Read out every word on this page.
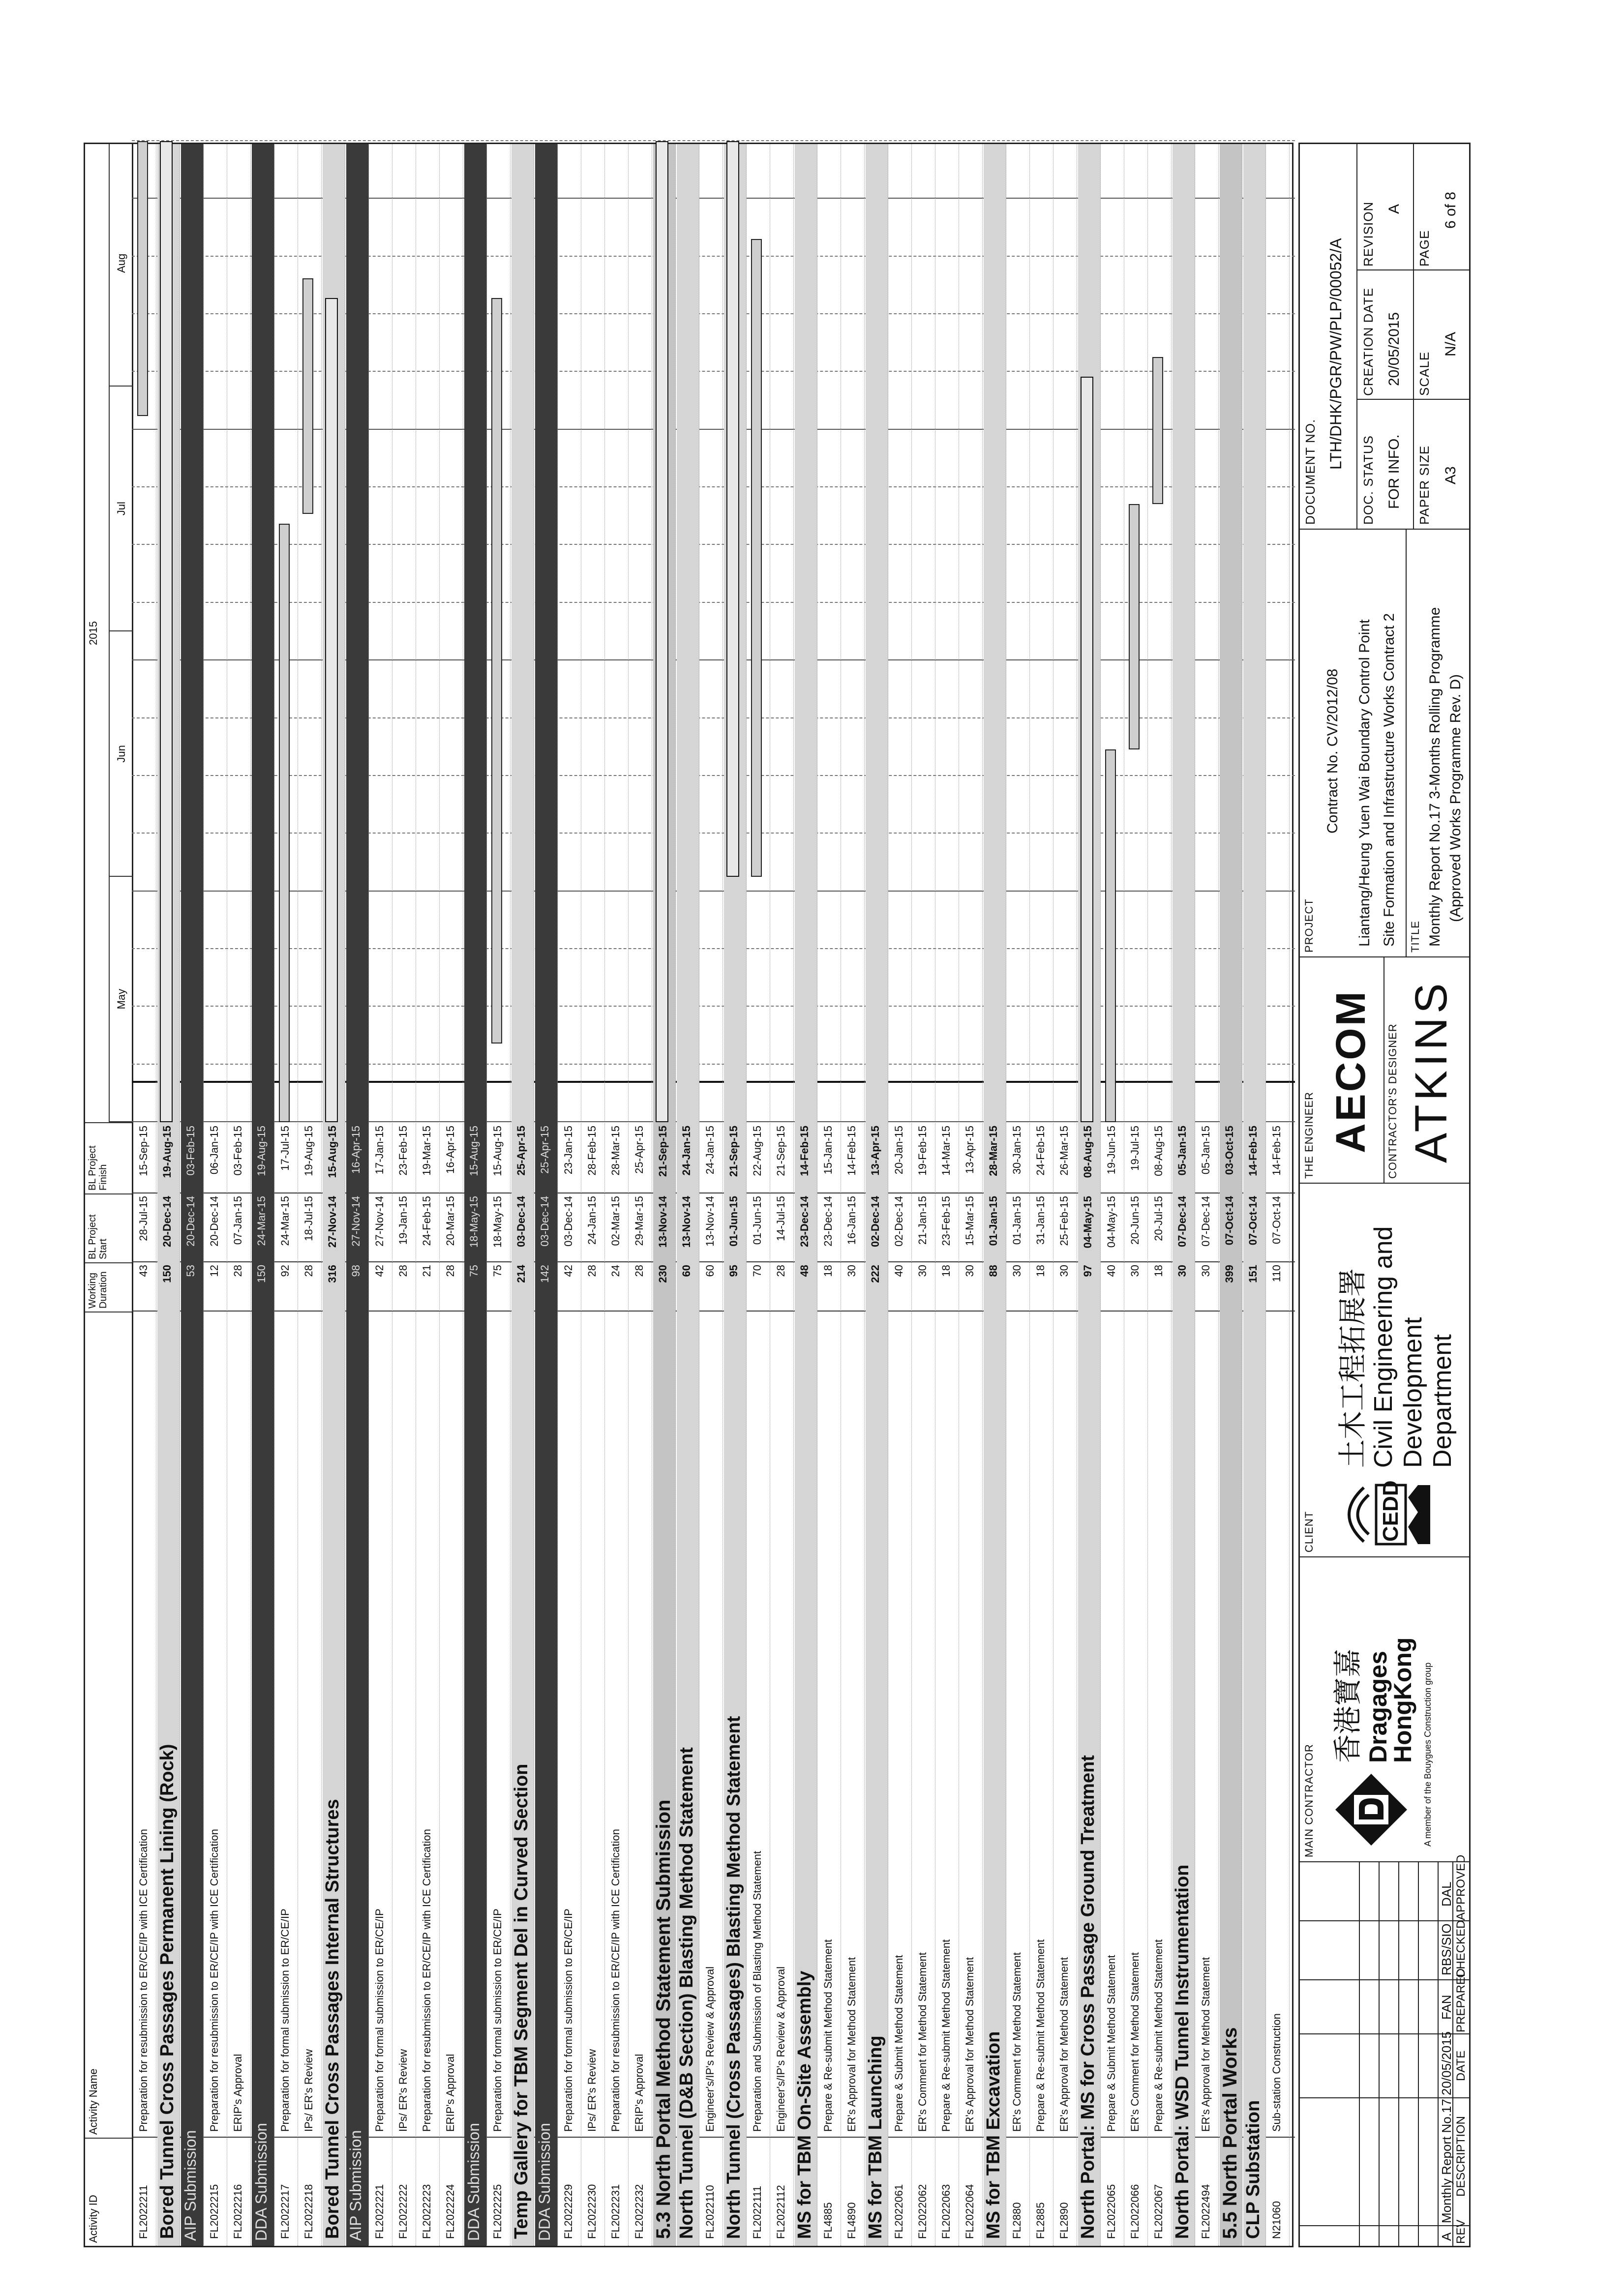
Activity ID
Activity Name
Working Duration
BL Project Start
BL Project Finish
2015
May
Jun
Jul
Aug
FL2022211
Preparation for resubmission to ER/CE/IP with ICE Certification
43
28-Jul-15
15-Sep-15
Bored Tunnel Cross Passages Permanent Lining (Rock)
150
20-Dec-14
19-Aug-15
AIP Submission
53
20-Dec-14
03-Feb-15
FL2022215
Preparation for resubmission to ER/CE/IP with ICE Certification
12
20-Dec-14
06-Jan-15
FL2022216
ERIP's Approval
28
07-Jan-15
03-Feb-15
DDA Submission
150
24-Mar-15
19-Aug-15
FL2022217
Preparation for formal submission to ER/CE/IP
92
24-Mar-15
17-Jul-15
FL2022218
IPs/ ER's Review
28
18-Jul-15
19-Aug-15
Bored Tunnel Cross Passages Internal Structures
316
27-Nov-14
15-Aug-15
AIP Submission
98
27-Nov-14
16-Apr-15
FL2022221
Preparation for formal submission to ER/CE/IP
42
27-Nov-14
17-Jan-15
FL2022222
IPs/ ER's Review
28
19-Jan-15
23-Feb-15
FL2022223
Preparation for resubmission to ER/CE/IP with ICE Certification
21
24-Feb-15
19-Mar-15
FL2022224
ERIP's Approval
28
20-Mar-15
16-Apr-15
DDA Submission
75
18-May-15
15-Aug-15
FL2022225
Preparation for formal submission to ER/CE/IP
75
18-May-15
15-Aug-15
Temp Gallery for TBM Segment Del in Curved Section
214
03-Dec-14
25-Apr-15
DDA Submission
142
03-Dec-14
25-Apr-15
FL2022229
Preparation for formal submission to ER/CE/IP
42
03-Dec-14
23-Jan-15
FL2022230
IPs/ ER's Review
28
24-Jan-15
28-Feb-15
FL2022231
Preparation for resubmission to ER/CE/IP with ICE Certification
24
02-Mar-15
28-Mar-15
FL2022232
ERIP's Approval
28
29-Mar-15
25-Apr-15
5.3 North Portal Method Statement Submission
230
13-Nov-14
21-Sep-15
North Tunnel (D&B Section) Blasting Method Statement
60
13-Nov-14
24-Jan-15
FL2022110
Engineer's/IP's Review & Approval
60
13-Nov-14
24-Jan-15
North Tunnel (Cross Passages) Blasting Method Statement
95
01-Jun-15
21-Sep-15
FL2022111
Preparation and Submission of Blasting Method Statement
70
01-Jun-15
22-Aug-15
FL2022112
Engineer's/IP's Review & Approval
28
14-Jul-15
21-Sep-15
MS for TBM On-Site Assembly
48
23-Dec-14
14-Feb-15
FL4885
Prepare & Re-submit Method Statement
18
23-Dec-14
15-Jan-15
FL4890
ER's Approval for Method Statement
30
16-Jan-15
14-Feb-15
MS for TBM Launching
222
02-Dec-14
13-Apr-15
FL2022061
Prepare & Submit Method Statement
40
02-Dec-14
20-Jan-15
FL2022062
ER's Comment for Method Statement
30
21-Jan-15
19-Feb-15
FL2022063
Prepare & Re-submit Method Statement
18
23-Feb-15
14-Mar-15
FL2022064
ER's Approval for Method Statement
30
15-Mar-15
13-Apr-15
MS for TBM Excavation
88
01-Jan-15
28-Mar-15
FL2880
ER's Comment for Method Statement
30
01-Jan-15
30-Jan-15
FL2885
Prepare & Re-submit Method Statement
18
31-Jan-15
24-Feb-15
FL2890
ER's Approval for Method Statement
30
25-Feb-15
26-Mar-15
North Portal: MS for Cross Passage Ground Treatment
97
04-May-15
08-Aug-15
FL2022065
Prepare & Submit Method Statement
40
04-May-15
19-Jun-15
FL2022066
ER's Comment for Method Statement
30
20-Jun-15
19-Jul-15
FL2022067
Prepare & Re-submit Method Statement
18
20-Jul-15
08-Aug-15
North Portal: WSD Tunnel Instrumentation
30
07-Dec-14
05-Jan-15
FL2022494
ER's Approval for Method Statement
30
07-Dec-14
05-Jan-15
5.5 North Portal Works
399
07-Oct-14
03-Oct-15
CLP Substation
151
07-Oct-14
14-Feb-15
N21060
Sub-station Construction
110
07-Oct-14
14-Feb-15
A
Monthly Report No.17
20/05/2015
FAN
RBS/SIO
DAL
REV
DESCRIPTION
DATE
PREPARED
CHECKED
APPROVED
MAIN CONTRACTOR
香港寶嘉 Dragages
HongKong A member of the Bouygues Construction group
CLIENT	CEDD
土木工程拓展署 Civil Engineering and Development Department
THE ENGINEER AECOM CONTRACTOR'S DESIGNER ATKINS
PROJECT
Contract No. CV/2012/08 Liantang/Heung Yuen Wai Boundary Control Point Site Formation and Infrastructure Works Contract 2 TITLE Monthly Report No.17 3-Months Rolling Programme (Approved Works Programme Rev. D)
DOCUMENT NO.
LTH/DHK/PGR/PW/PLP/00052/A
DOC. STATUS FOR INFO.
CREATION DATE 20/05/2015
REVISION A
PAPER SIZE A3
SCALE
N/A
PAGE
6 of 8
